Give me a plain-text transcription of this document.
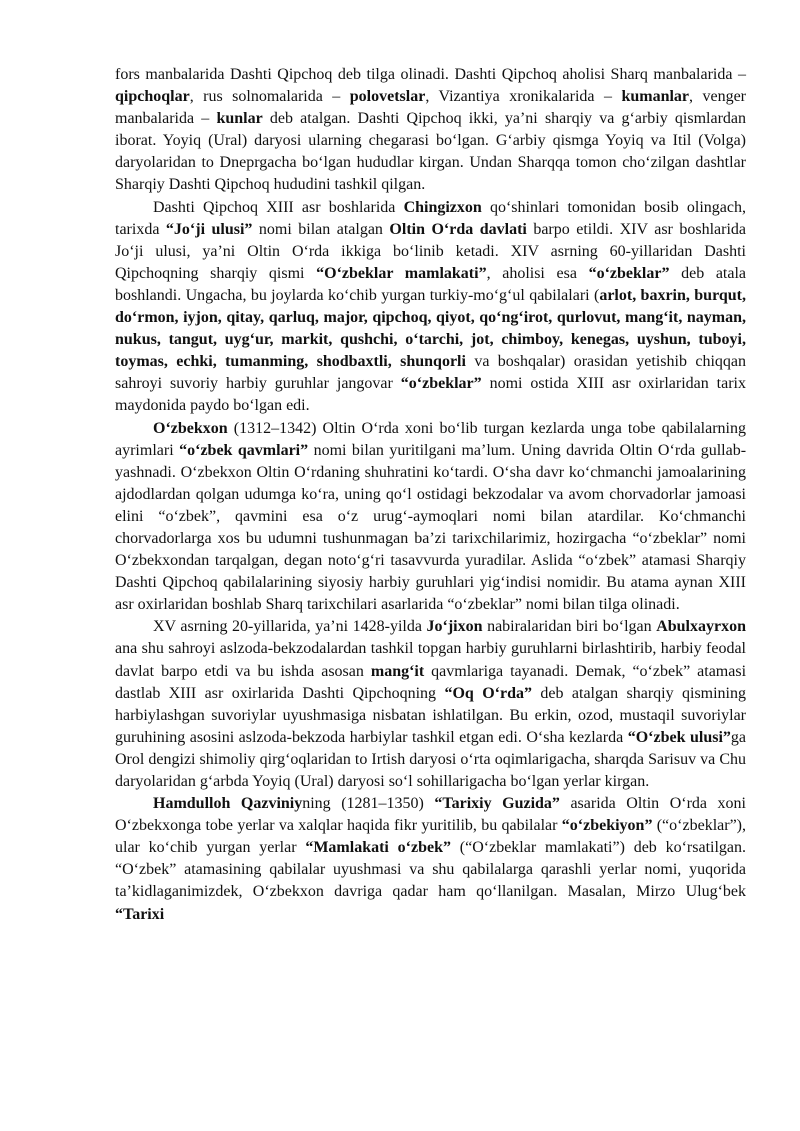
fors manbalarida Dashti Qipchoq deb tilga olinadi. Dashti Qipchoq aholisi Sharq manbalarida – qipchoqlar, rus solnomalarida – polovetslar, Vizantiya xronikalarida – kumanlar, venger manbalarida – kunlar deb atalgan. Dashti Qipchoq ikki, ya’ni sharqiy va g‘arbiy qismlardan iborat. Yoyiq (Ural) daryosi ularning chegarasi bo‘lgan. G‘arbiy qismga Yoyiq va Itil (Volga) daryolaridan to Dneprgacha bo‘lgan hududlar kirgan. Undan Sharqqa tomon cho‘zilgan dashtlar Sharqiy Dashti Qipchoq hududini tashkil qilgan.

Dashti Qipchoq XIII asr boshlarida Chingizxon qo‘shinlari tomonidan bosib olingach, tarixda “Jo‘ji ulusi” nomi bilan atalgan Oltin O‘rda davlati barpo etildi. XIV asr boshlarida Jo‘ji ulusi, ya’ni Oltin O‘rda ikkiga bo‘linib ketadi. XIV asrning 60-yillaridan Dashti Qipchoqning sharqiy qismi “O‘zbeklar mamlakati”, aholisi esa “o‘zbeklar” deb atala boshlandi. Ungacha, bu joylarda ko‘chib yurgan turkiy-mo‘g‘ul qabilalari (arlot, baxrin, burqut, do‘rmon, iyjon, qitay, qarluq, major, qipchoq, qiyot, qo‘ng‘irot, qurlovut, mang‘it, nayman, nukus, tangut, uyg‘ur, markit, qushchi, o‘tarchi, jot, chimboy, kenegas, uyshun, tuboyi, toymas, echki, tumanming, shodbaxtli, shunqorli va boshqalar) orasidan yetishib chiqqan sahroyi suvoriy harbiy guruhlar jangovar “o‘zbeklar” nomi ostida XIII asr oxirlaridan tarix maydonida paydo bo‘lgan edi.

O‘zbekxon (1312–1342) Oltin O‘rda xoni bo‘lib turgan kezlarda unga tobe qabilalarning ayrimlari “o‘zbek qavmlari” nomi bilan yuritilgani ma’lum. Uning davrida Oltin O‘rda gullab-yashnadi. O‘zbekxon Oltin O‘rdaning shuhratini ko‘tardi. O‘sha davr ko‘chmanchi jamoalarining ajdodlardan qolgan udumga ko‘ra, uning qo‘l ostidagi bekzodalar va avom chorvadorlar jamoasi elini “o‘zbek”, qavmini esa o‘z urug‘-aymoqlari nomi bilan atardilar. Ko‘chmanchi chorvadorlarga xos bu udumni tushunmagan ba’zi tarixchilarimiz, hozirgacha “o‘zbeklar” nomi O‘zbekxondan tarqalgan, degan noto‘g‘ri tasavvurda yuradilar. Aslida “o‘zbek” atamasi Sharqiy Dashti Qipchoq qabilalarining siyosiy harbiy guruhlari yig‘indisi nomidir. Bu atama aynan XIII asr oxirlaridan boshlab Sharq tarixchilari asarlarida “o‘zbeklar” nomi bilan tilga olinadi.

XV asrning 20-yillarida, ya’ni 1428-yilda Jo‘jixon nabiralaridan biri bo‘lgan Abulxayrxon ana shu sahroyi aslzoda-bekzodalardan tashkil topgan harbiy guruhlarni birlashtirib, harbiy feodal davlat barpo etdi va bu ishda asosan mang‘it qavmlariga tayanadi. Demak, “o‘zbek” atamasi dastlab XIII asr oxirlarida Dashti Qipchoqning “Oq O‘rda” deb atalgan sharqiy qismining harbiylashgan suvoriylar uyushmasiga nisbatan ishlatilgan. Bu erkin, ozod, mustaqil suvoriylar guruhining asosini aslzoda-bekzoda harbiylar tashkil etgan edi. O‘sha kezlarda “O‘zbek ulusi”ga Orol dengizi shimoliy qirg‘oqlaridan to Irtish daryosi o‘rta oqimlarigacha, sharqda Sarisuv va Chu daryolaridan g‘arbda Yoyiq (Ural) daryosi so‘l sohillarigacha bo‘lgan yerlar kirgan.

Hamdulloh Qazviniyning (1281–1350) “Tarixiy Guzida” asarida Oltin O‘rda xoni O‘zbekxonga tobe yerlar va xalqlar haqida fikr yuritilib, bu qabilalar “o‘zbekiyon” (“o‘zbeklar”), ular ko‘chib yurgan yerlar “Mamlakati o‘zbek” (“O‘zbeklar mamlakati”) deb ko‘rsatilgan. “O‘zbek” atamasining qabilalar uyushmasi va shu qabilalarga qarashli yerlar nomi, yuqorida ta’kidlaganimizdek, O‘zbekxon davriga qadar ham qo‘llanilgan. Masalan, Mirzo Ulug‘bek “Tarixi
